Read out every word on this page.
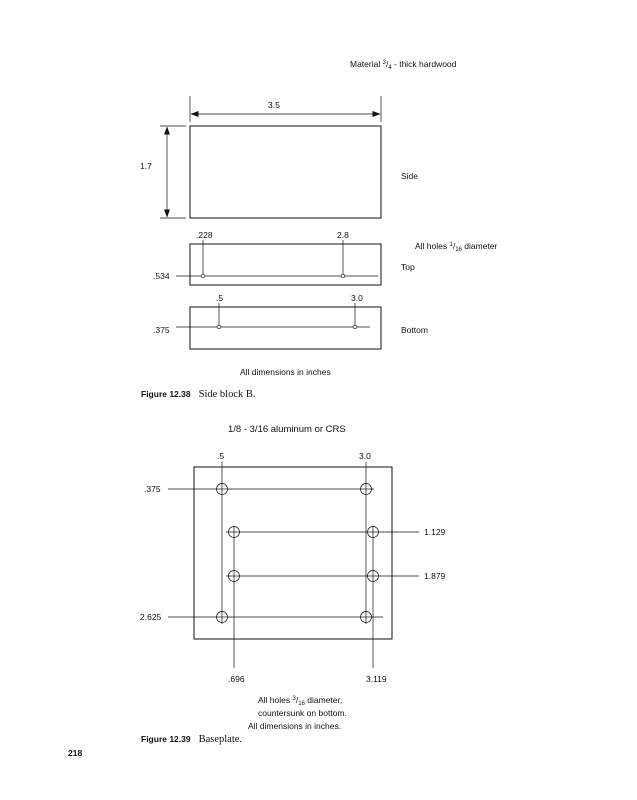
Material $^3/_4$ - thick hardwood
3.5
1.7
Side
.228	2.8
All holes $^1/_{16}$ diameter
.534
Top
.5	3.0
.375	Bottom
All dimensions in inches
Figure 12.38 Side block B.
1/8 - 3/16 aluminum or CRS
.5	3.0
.375
1.129
1.879
2.625
.696	3.119
All holes $^3/_{16}$ diameter,
countersunk on bottom.
All dimensions in inches.
Figure 12.39 Baseplate.
218
